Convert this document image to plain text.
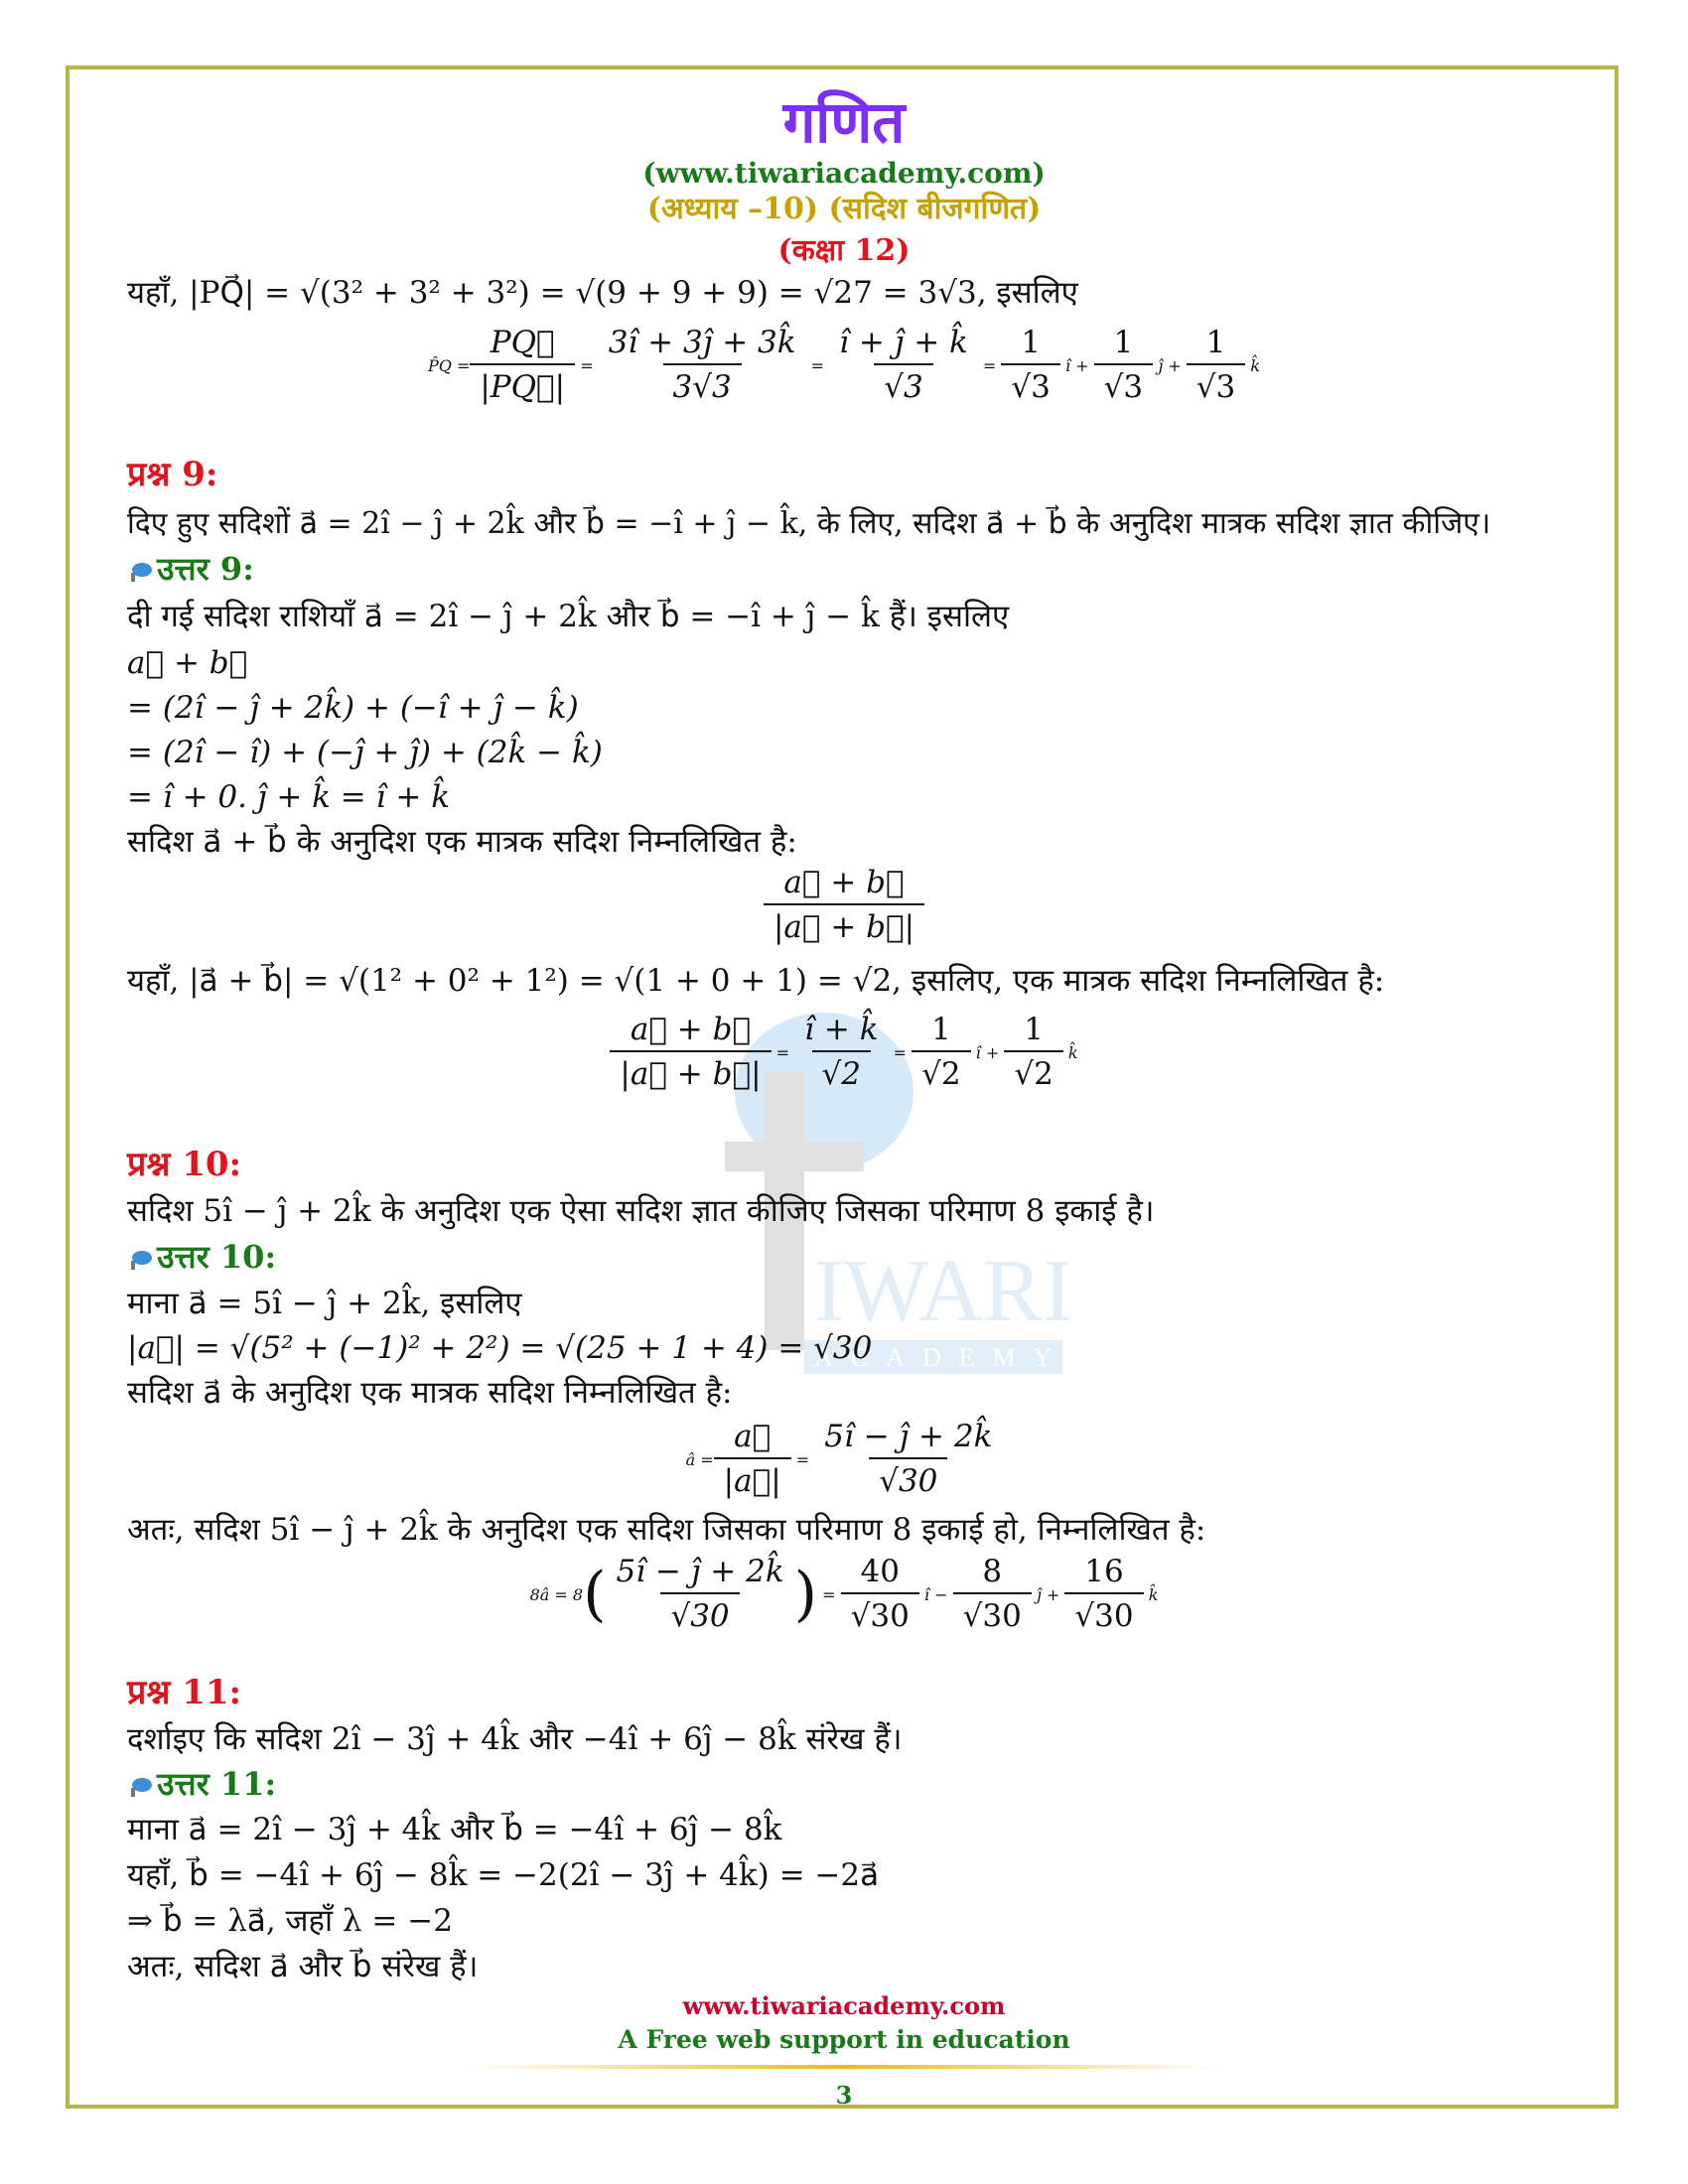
IWARI
ACADEMY
गणित
(www.tiwariacademy.com)
(अध्याय –10) (सदिश बीजगणित)
(कक्षा 12)
यहाँ, |PQ⃗| = √(3² + 3² + 3²) = √(9 + 9 + 9) = √27 = 3√3, इसलिए
P̂Q = $\frac{PQ⃗}{|PQ⃗|} = \frac{3î + 3ĵ + 3k̂}{3√3} = \frac{î + ĵ + k̂}{√3} = \frac{1}{√3}$ î + $\frac{1}{√3}$ ĵ + $\frac{1}{√3}$ k̂
प्रश्न 9:
दिए हुए सदिशों a⃗ = 2î − ĵ + 2k̂ और b⃗ = −î + ĵ − k̂, के लिए, सदिश a⃗ + b⃗ के अनुदिश मात्रक सदिश ज्ञात कीजिए।
उत्तर 9:
दी गई सदिश राशियाँ a⃗ = 2î − ĵ + 2k̂ और b⃗ = −î + ĵ − k̂ हैं। इसलिए
a⃗ + b⃗
= (2î − ĵ + 2k̂) + (−î + ĵ − k̂)
= (2î − î) + (−ĵ + ĵ) + (2k̂ − k̂)
= î + 0. ĵ + k̂ = î + k̂
सदिश a⃗ + b⃗ के अनुदिश एक मात्रक सदिश निम्नलिखित है:
$\frac{a⃗ + b⃗}{|a⃗ + b⃗|}$
यहाँ, |a⃗ + b⃗| = √(1² + 0² + 1²) = √(1 + 0 + 1) = √2, इसलिए, एक मात्रक सदिश निम्नलिखित है:
$\frac{a⃗ + b⃗}{|a⃗ + b⃗|} = \frac{î + k̂}{√2} = \frac{1}{√2}$ î + $\frac{1}{√2}$ k̂
प्रश्न 10:
सदिश 5î − ĵ + 2k̂ के अनुदिश एक ऐसा सदिश ज्ञात कीजिए जिसका परिमाण 8 इकाई है।
उत्तर 10:
माना a⃗ = 5î − ĵ + 2k̂, इसलिए
|a⃗| = √(5² + (−1)² + 2²) = √(25 + 1 + 4) = √30
सदिश a⃗ के अनुदिश एक मात्रक सदिश निम्नलिखित है:
â = $\frac{a⃗}{|a⃗|} = \frac{5î - ĵ + 2k̂}{√30}$
अतः, सदिश 5î − ĵ + 2k̂ के अनुदिश एक सदिश जिसका परिमाण 8 इकाई हो, निम्नलिखित है:
8â = 8 ( $\frac{5î - ĵ + 2k̂}{√30}$ ) = $\frac{40}{√30}$ î − $\frac{8}{√30}$ ĵ + $\frac{16}{√30}$ k̂
प्रश्न 11:
दर्शाइए कि सदिश 2î − 3ĵ + 4k̂ और −4î + 6ĵ − 8k̂ संरेख हैं।
उत्तर 11:
माना a⃗ = 2î − 3ĵ + 4k̂ और b⃗ = −4î + 6ĵ − 8k̂
यहाँ, b⃗ = −4î + 6ĵ − 8k̂ = −2(2î − 3ĵ + 4k̂) = −2a⃗
⇒ b⃗ = λa⃗, जहाँ λ = −2
अतः, सदिश a⃗ और b⃗ संरेख हैं।
www.tiwariacademy.com
A Free web support in education
3
